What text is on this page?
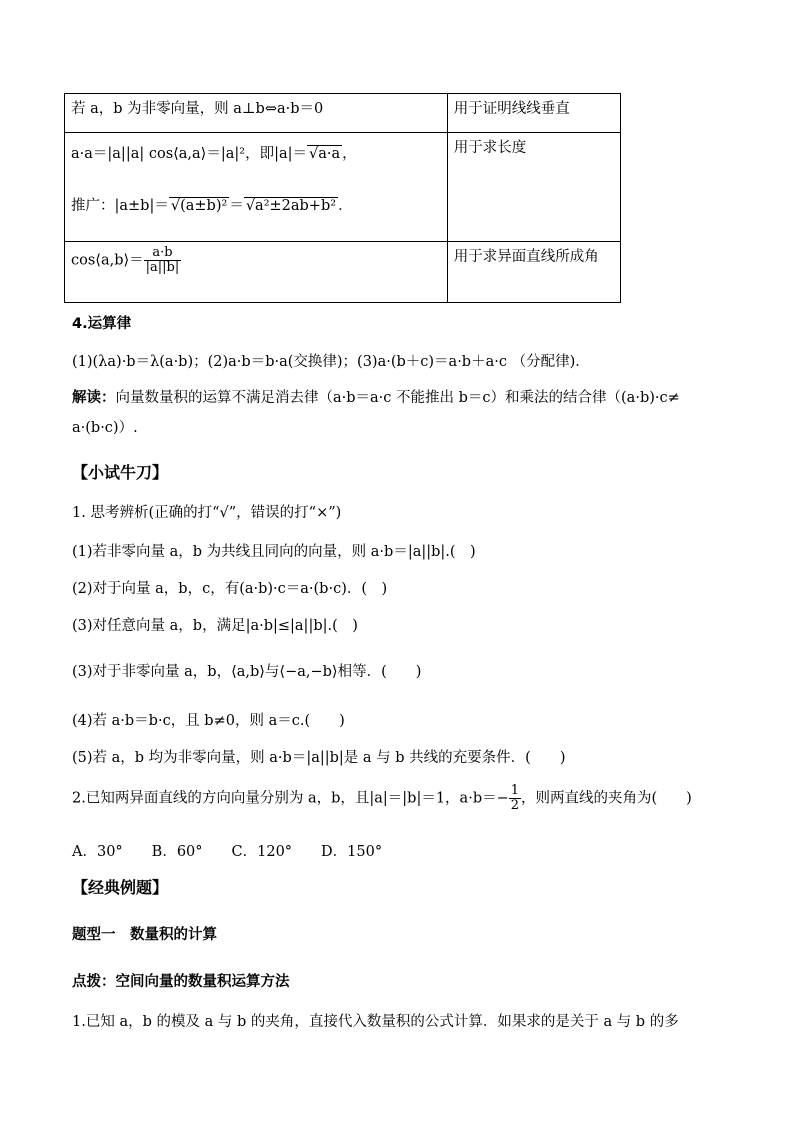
若 a，b 为非零向量，则 a⊥b⇔a·b＝0	用于证明线线垂直

a·a＝|a||a| cos⟨a,a⟩＝|a|²，即|a|＝ √a·a ，
推广：|a±b|＝ √(a±b)² ＝ √a²±2ab+b² ．	用于求长度
cos⟨a,b⟩＝ $\frac{a\cdot b}{|a||b|}$	用于求异面直线所成角
4.运算律
(1)(λa)·b＝λ(a·b)；(2)a·b＝b·a(交换律)；(3)a·(b＋c)＝a·b＋a·c （分配律)．
解读：向量数量积的运算不满足消去律（a·b＝a·c 不能推出 b＝c）和乘法的结合律（(a·b)·c≠
a·(b·c)）.
【小试牛刀】
1. 思考辨析(正确的打“√”，错误的打“×”)
(1)若非零向量 a，b 为共线且同向的向量，则 a·b＝|a||b|.(　)
(2)对于向量 a，b，c，有(a·b)·c＝a·(b·c)．(　)
(3)对任意向量 a，b，满足|a·b|≤|a||b|.(　)
(3)对于非零向量 a，b，⟨a,b⟩与⟨−a,−b⟩相等．(　　)
(4)若 a·b＝b·c，且 b≠0，则 a＝c.(　　)
(5)若 a，b 均为非零向量，则 a·b＝|a||b|是 a 与 b 共线的充要条件．(　　)
2.已知两异面直线的方向向量分别为 a，b，且|a|＝|b|＝1，$a\cdot b=- \frac{1}{2}$ ，则两直线的夹角为(　　)
A．30°　　B．60°　　C．120°　　D．150°
【经典例题】
题型一　数量积的计算
点拨：空间向量的数量积运算方法
1.已知 a，b 的模及 a 与 b 的夹角，直接代入数量积的公式计算．如果求的是关于 a 与 b 的多
